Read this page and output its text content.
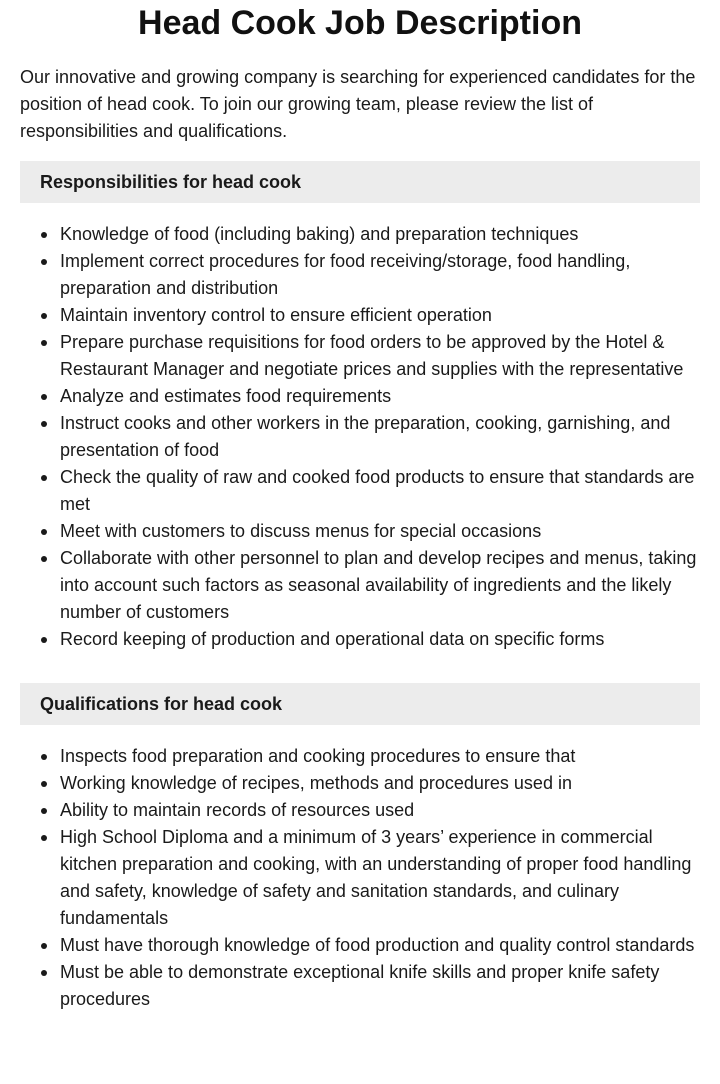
Head Cook Job Description

Our innovative and growing company is searching for experienced candidates for the position of head cook. To join our growing team, please review the list of responsibilities and qualifications.

Responsibilities for head cook
Knowledge of food (including baking) and preparation techniques
Implement correct procedures for food receiving/storage, food handling, preparation and distribution
Maintain inventory control to ensure efficient operation
Prepare purchase requisitions for food orders to be approved by the Hotel & Restaurant Manager and negotiate prices and supplies with the representative
Analyze and estimates food requirements
Instruct cooks and other workers in the preparation, cooking, garnishing, and presentation of food
Check the quality of raw and cooked food products to ensure that standards are met
Meet with customers to discuss menus for special occasions
Collaborate with other personnel to plan and develop recipes and menus, taking into account such factors as seasonal availability of ingredients and the likely number of customers
Record keeping of production and operational data on specific forms
Qualifications for head cook
Inspects food preparation and cooking procedures to ensure that
Working knowledge of recipes, methods and procedures used in
Ability to maintain records of resources used
High School Diploma and a minimum of 3 years’ experience in commercial kitchen preparation and cooking, with an understanding of proper food handling and safety, knowledge of safety and sanitation standards, and culinary fundamentals
Must have thorough knowledge of food production and quality control standards
Must be able to demonstrate exceptional knife skills and proper knife safety procedures
